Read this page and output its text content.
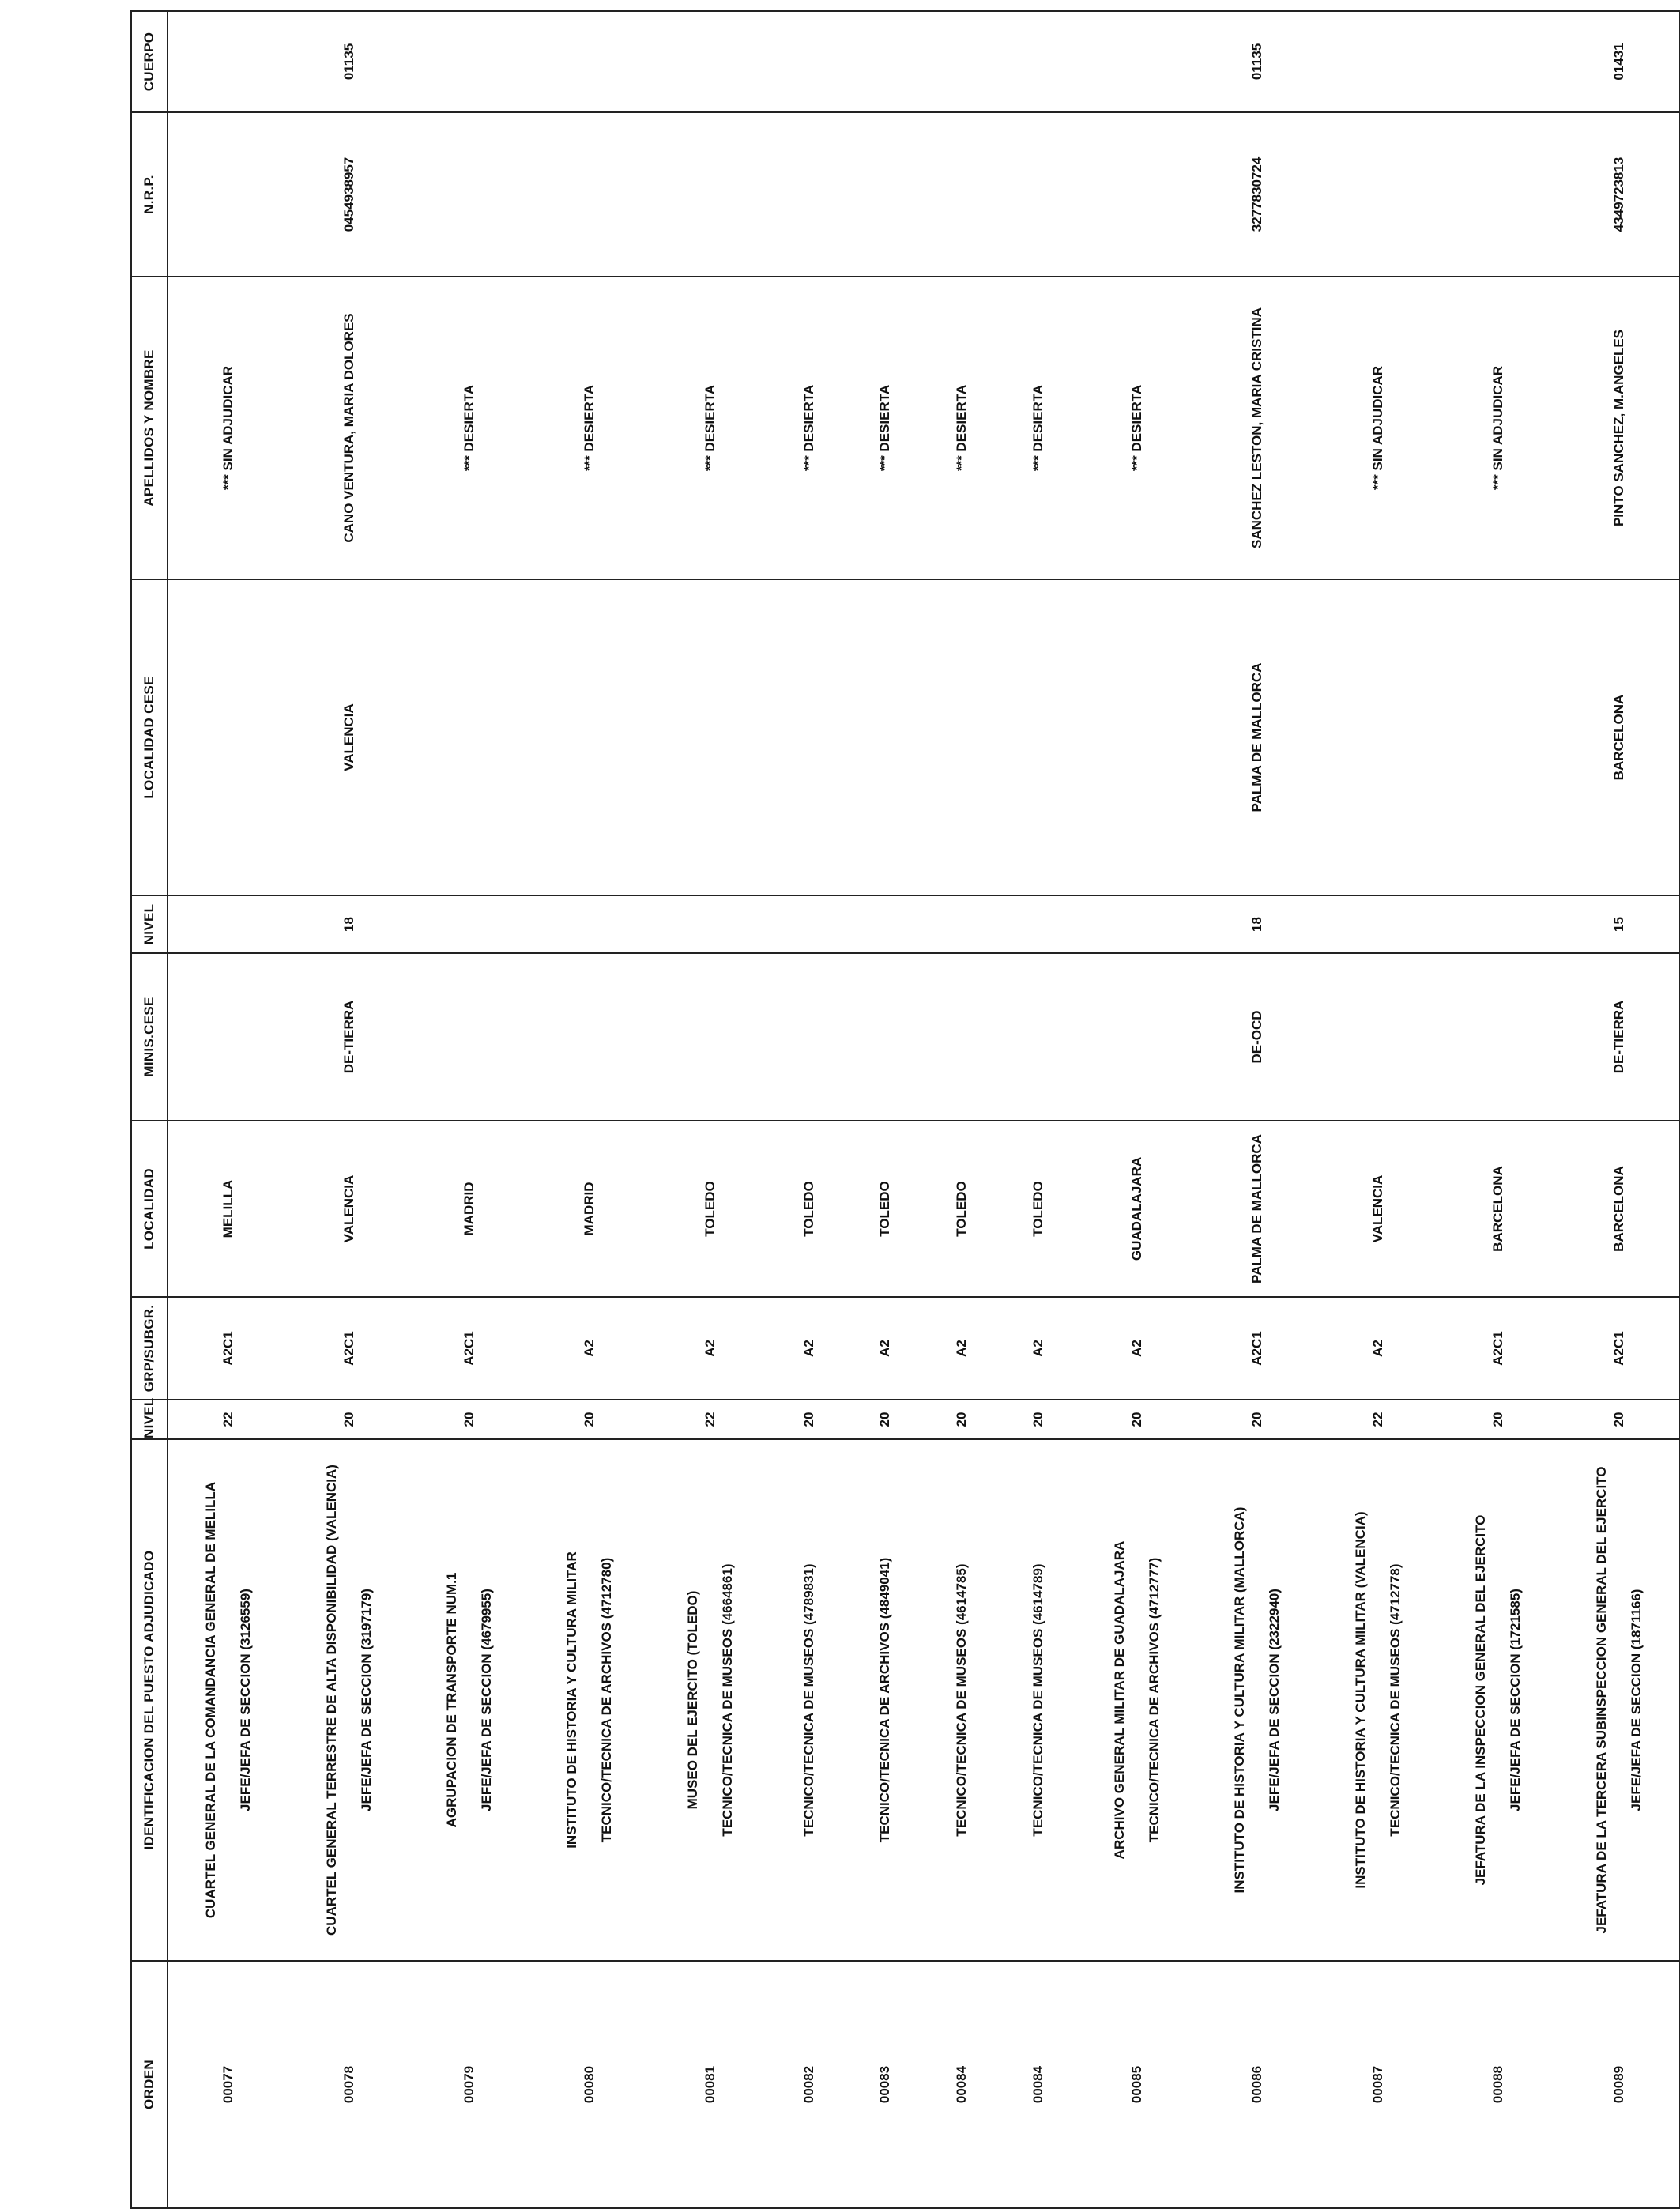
ORDEN	IDENTIFICACION DEL PUESTO ADJUDICADO	NIVEL	GRP/SUBGR.	LOCALIDAD	MINIS.CESE	NIVEL	LOCALIDAD CESE	APELLIDOS Y NOMBRE	N.R.P.	CUERPO
00077	CUARTEL GENERAL DE LA COMANDANCIA GENERAL DE MELILLA JEFE/JEFA DE SECCION (3126559)	22	A2C1	MELILLA				*** SIN ADJUDICAR		
00078	CUARTEL GENERAL TERRESTRE DE ALTA DISPONIBILIDAD (VALENCIA) JEFE/JEFA DE SECCION (3197179)	20	A2C1	VALENCIA	DE-TIERRA	18	VALENCIA	CANO VENTURA, MARIA DOLORES	0454938957	01135
00079	AGRUPACION DE TRANSPORTE NUM.1 JEFE/JEFA DE SECCION (4679955)	20	A2C1	MADRID				*** DESIERTA		
00080	INSTITUTO DE HISTORIA Y CULTURA MILITAR TECNICO/TECNICA DE ARCHIVOS (4712780)	20	A2	MADRID				*** DESIERTA		
00081	MUSEO DEL EJERCITO (TOLEDO) TECNICO/TECNICA DE MUSEOS (4664861)	22	A2	TOLEDO				*** DESIERTA		
00082	TECNICO/TECNICA DE MUSEOS (4789831)	20	A2	TOLEDO				*** DESIERTA		
00083	TECNICO/TECNICA DE ARCHIVOS (4849041)	20	A2	TOLEDO				*** DESIERTA		
00084	TECNICO/TECNICA DE MUSEOS (4614785)	20	A2	TOLEDO				*** DESIERTA		
00084	TECNICO/TECNICA DE MUSEOS (4614789)	20	A2	TOLEDO				*** DESIERTA		
00085	ARCHIVO GENERAL MILITAR DE GUADALAJARA TECNICO/TECNICA DE ARCHIVOS (4712777)	20	A2	GUADALAJARA				*** DESIERTA		
00086	INSTITUTO DE HISTORIA Y CULTURA MILITAR (MALLORCA) JEFE/JEFA DE SECCION (2322940)	20	A2C1	PALMA DE MALLORCA	DE-OCD	18	PALMA DE MALLORCA	SANCHEZ LESTON, MARIA CRISTINA	3277830724	01135
00087	INSTITUTO DE HISTORIA Y CULTURA MILITAR (VALENCIA) TECNICO/TECNICA DE MUSEOS (4712778)	22	A2	VALENCIA				*** SIN ADJUDICAR		
00088	JEFATURA DE LA INSPECCION GENERAL DEL EJERCITO JEFE/JEFA DE SECCION (1721585)	20	A2C1	BARCELONA				*** SIN ADJUDICAR		
00089	JEFATURA DE LA TERCERA SUBINSPECCION GENERAL DEL EJERCITO JEFE/JEFA DE SECCION (1871166)	20	A2C1	BARCELONA	DE-TIERRA	15	BARCELONA	PINTO SANCHEZ, M.ANGELES	4349723813	01431
